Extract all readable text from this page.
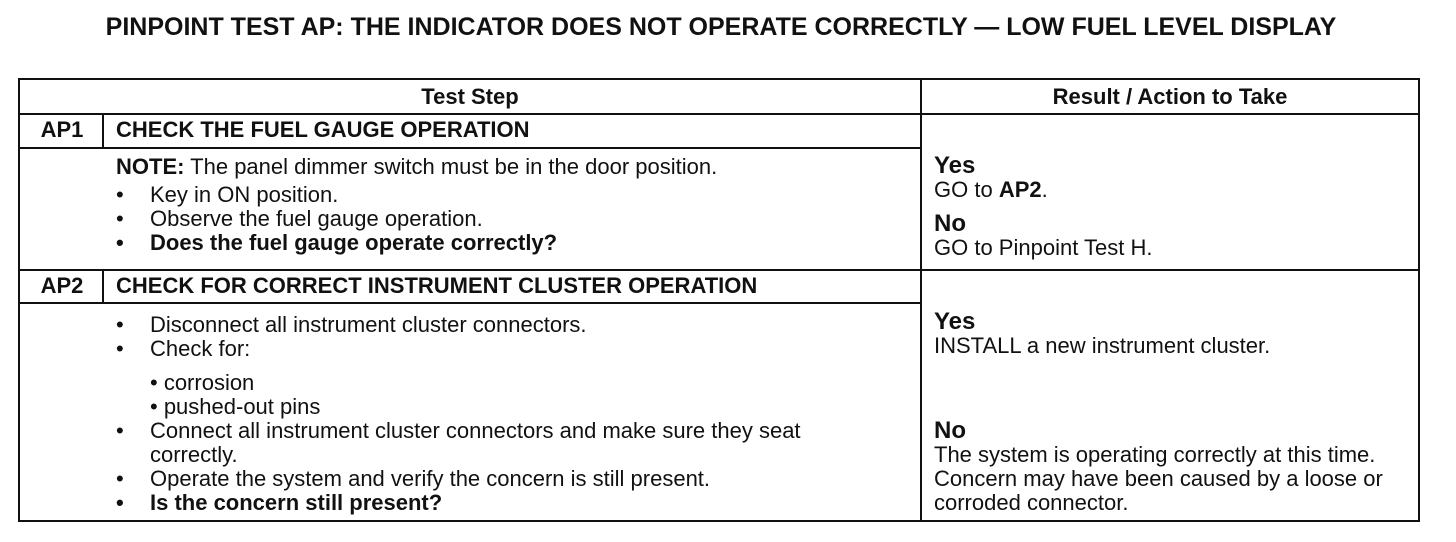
PINPOINT TEST AP: THE INDICATOR DOES NOT OPERATE CORRECTLY — LOW FUEL LEVEL DISPLAY
Test Step	Result / Action to Take
AP1	CHECK THE FUEL GAUGE OPERATION
NOTE: The panel dimmer switch must be in the door position.
• Key in ON position.
• Observe the fuel gauge operation.
• Does the fuel gauge operate correctly?
Yes
GO to AP2.
No
GO to Pinpoint Test H.
AP2	CHECK FOR CORRECT INSTRUMENT CLUSTER OPERATION
• Disconnect all instrument cluster connectors.
• Check for:
• corrosion
• pushed-out pins
• Connect all instrument cluster connectors and make sure they seat correctly.
• Operate the system and verify the concern is still present.
• Is the concern still present?
Yes
INSTALL a new instrument cluster.
No
The system is operating correctly at this time. Concern may have been caused by a loose or corroded connector.
